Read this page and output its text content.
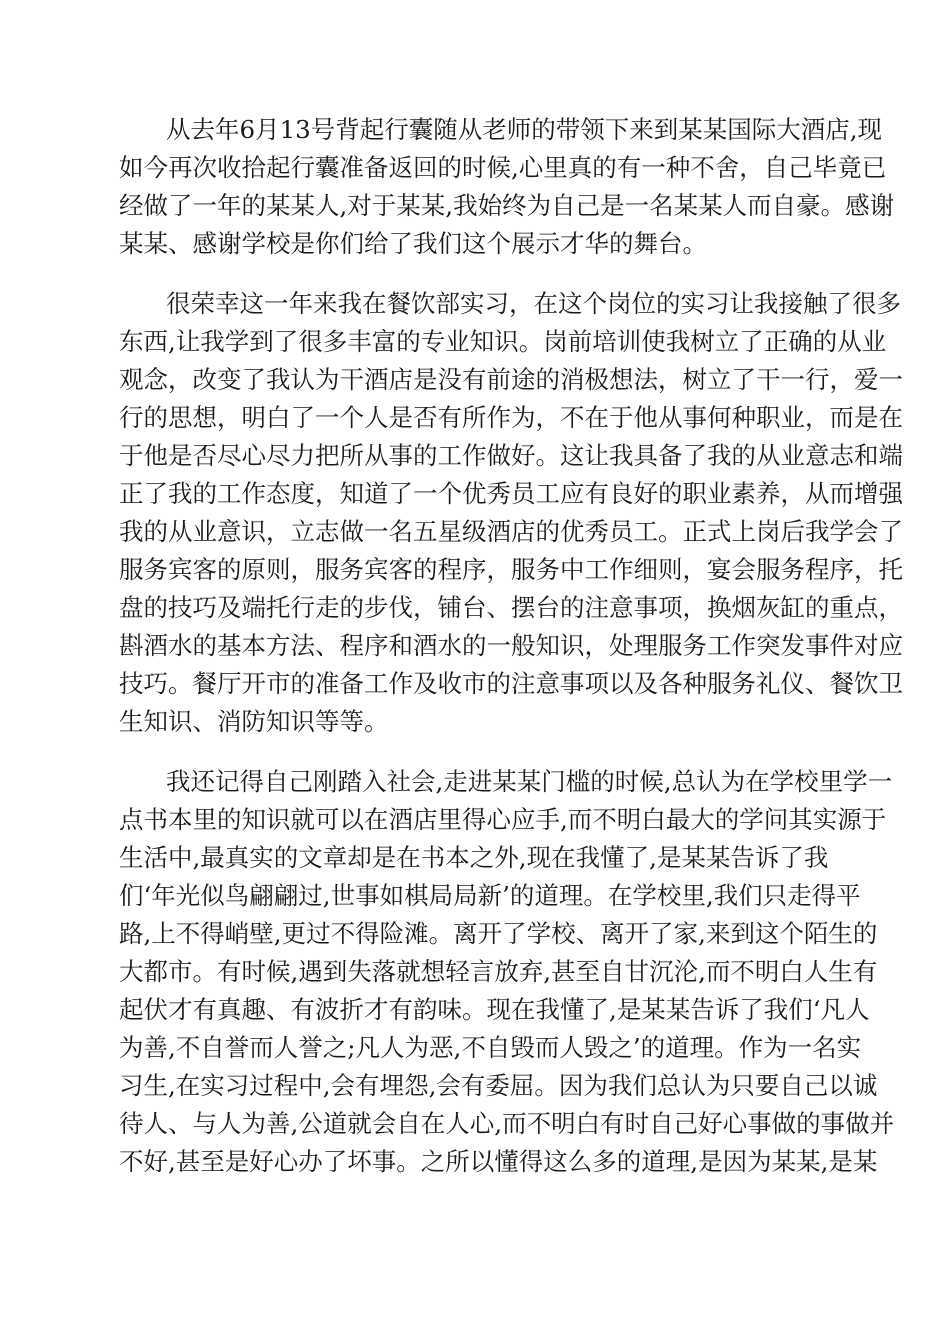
从去年6月13号背起行囊随从老师的带领下来到某某国际大酒店,现
如今再次收拾起行囊准备返回的时候,心里真的有一种不舍，自己毕竟已
经做了一年的某某人,对于某某,我始终为自己是一名某某人而自豪。感谢
某某、感谢学校是你们给了我们这个展示才华的舞台。
很荣幸这一年来我在餐饮部实习，在这个岗位的实习让我接触了很多
东西,让我学到了很多丰富的专业知识。岗前培训使我树立了正确的从业
观念，改变了我认为干酒店是没有前途的消极想法，树立了干一行，爱一
行的思想，明白了一个人是否有所作为，不在于他从事何种职业，而是在
于他是否尽心尽力把所从事的工作做好。这让我具备了我的从业意志和端
正了我的工作态度，知道了一个优秀员工应有良好的职业素养，从而增强
我的从业意识，立志做一名五星级酒店的优秀员工。正式上岗后我学会了
服务宾客的原则，服务宾客的程序，服务中工作细则，宴会服务程序，托
盘的技巧及端托行走的步伐，铺台、摆台的注意事项，换烟灰缸的重点，
斟酒水的基本方法、程序和酒水的一般知识，处理服务工作突发事件对应
技巧。餐厅开市的准备工作及收市的注意事项以及各种服务礼仪、餐饮卫
生知识、消防知识等等。
我还记得自己刚踏入社会,走进某某门槛的时候,总认为在学校里学一
点书本里的知识就可以在酒店里得心应手,而不明白最大的学问其实源于
生活中,最真实的文章却是在书本之外,现在我懂了,是某某告诉了我
们‘年光似鸟翩翩过,世事如棋局局新’的道理。在学校里,我们只走得平
路,上不得峭壁,更过不得险滩。离开了学校、离开了家,来到这个陌生的
大都市。有时候,遇到失落就想轻言放弃,甚至自甘沉沦,而不明白人生有
起伏才有真趣、有波折才有韵味。现在我懂了,是某某告诉了我们‘凡人
为善,不自誉而人誉之;凡人为恶,不自毁而人毁之’的道理。作为一名实
习生,在实习过程中,会有埋怨,会有委屈。因为我们总认为只要自己以诚
待人、与人为善,公道就会自在人心,而不明白有时自己好心事做的事做并
不好,甚至是好心办了坏事。之所以懂得这么多的道理,是因为某某,是某
